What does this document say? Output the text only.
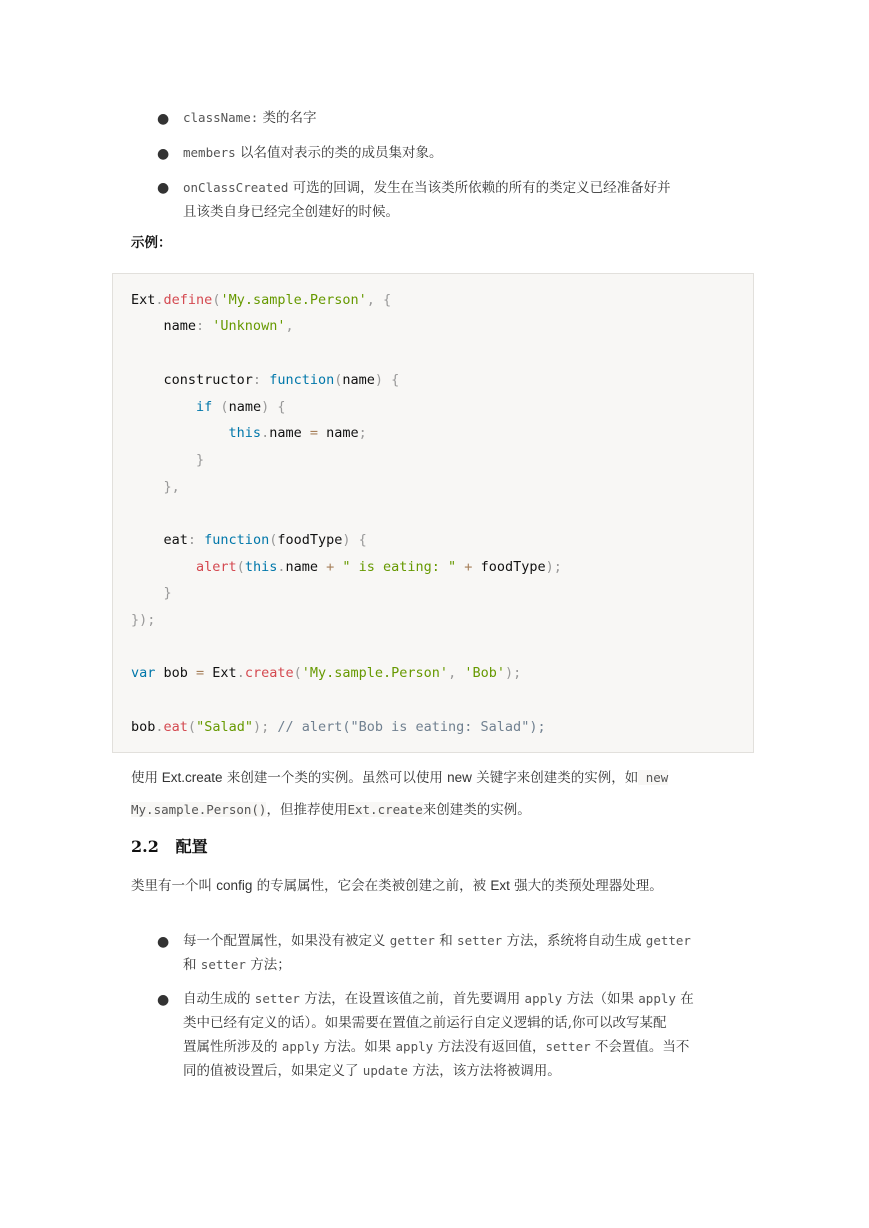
● className: 类的名字
● members 以名值对表示的类的成员集对象。
● onClassCreated 可选的回调，发生在当该类所依赖的所有的类定义已经准备好并
且该类自身已经完全创建好的时候。
示例：
Ext.define('My.sample.Person', {
name: 'Unknown',
constructor: function(name) {
if (name) {
this.name = name;
}
},
eat: function(foodType) {
alert(this.name + " is eating: " + foodType);
}
});
var bob = Ext.create('My.sample.Person', 'Bob');
bob.eat("Salad"); // alert("Bob is eating: Salad");
使用 Ext.create 来创建一个类的实例。虽然可以使用 new 关键字来创建类的实例，如 new
My.sample.Person()，但推荐使用Ext.create来创建类的实例。
2.2 配置
类里有一个叫 config 的专属属性，它会在类被创建之前，被 Ext 强大的类预处理器处理。
● 每一个配置属性，如果没有被定义 getter 和 setter 方法，系统将自动生成 getter
和 setter 方法；
● 自动生成的 setter 方法，在设置该值之前，首先要调用 apply 方法（如果 apply 在
类中已经有定义的话）。如果需要在置值之前运行自定义逻辑的话,你可以改写某配
置属性所涉及的 apply 方法。如果 apply 方法没有返回值，setter 不会置值。当不
同的值被设置后，如果定义了 update 方法，该方法将被调用。
